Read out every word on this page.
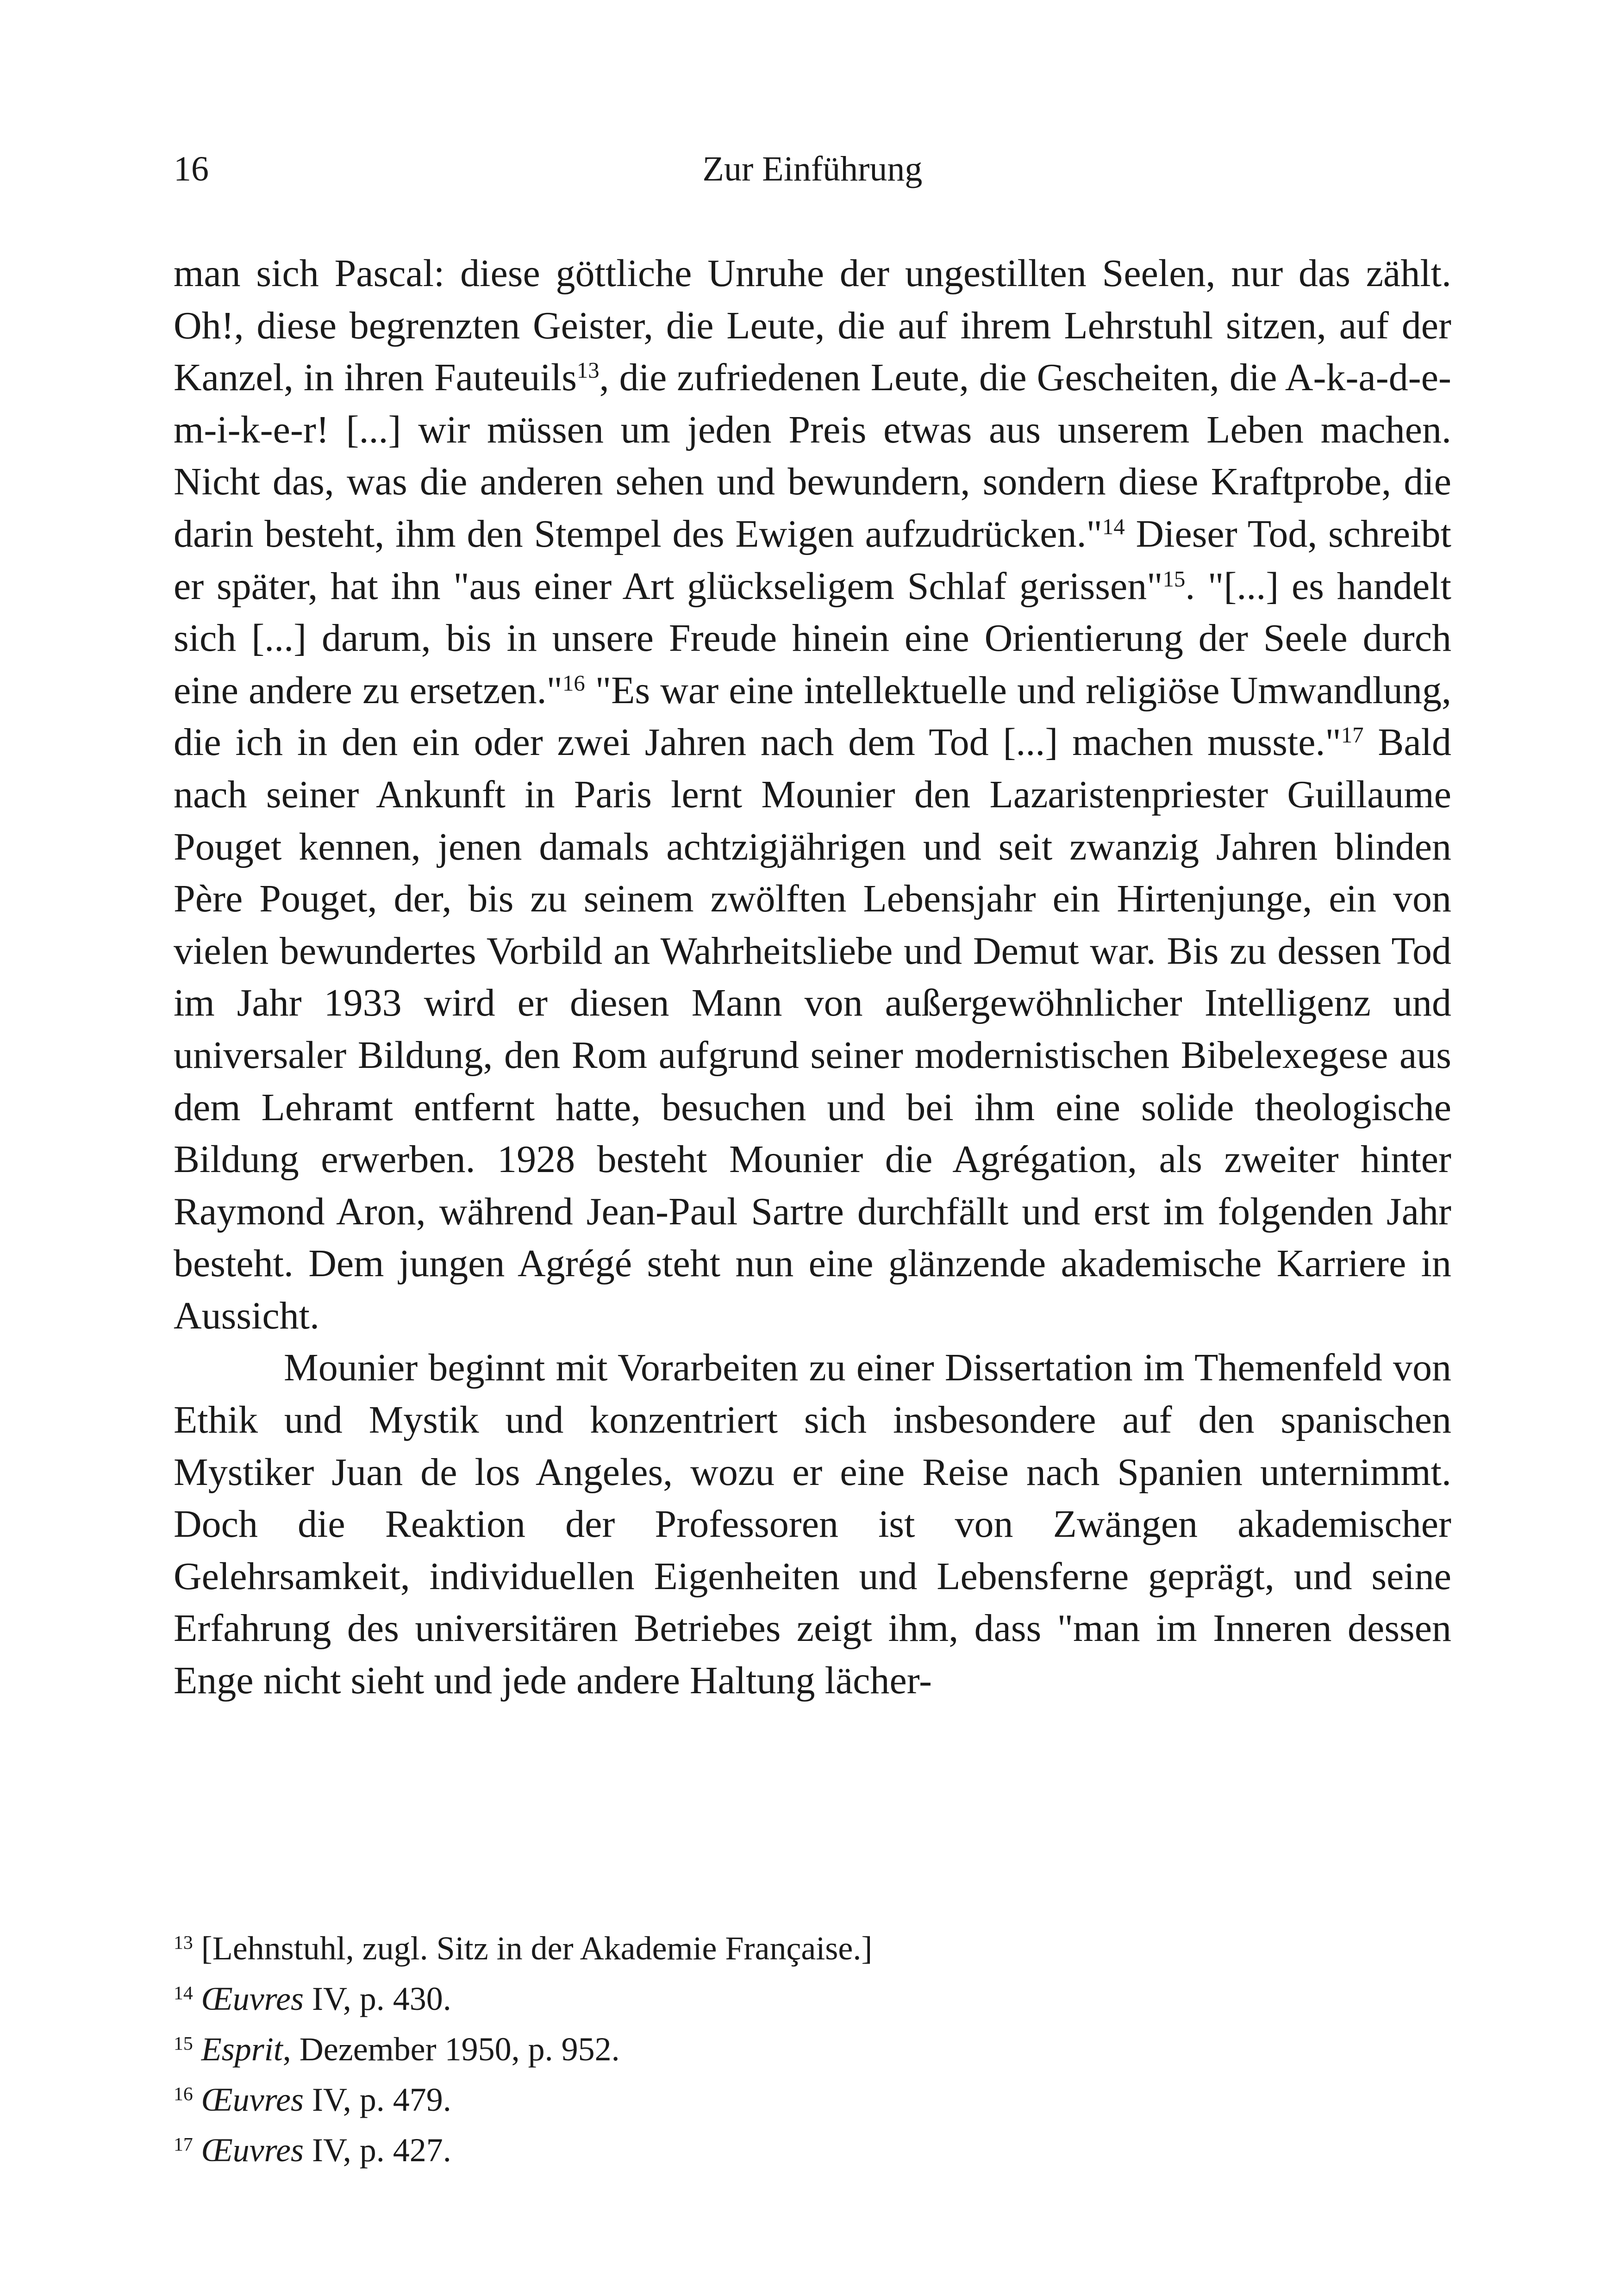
16	Zur Einführung

man sich Pascal: diese göttliche Unruhe der ungestillten Seelen, nur das zählt. Oh!, diese begrenzten Geister, die Leute, die auf ihrem Lehrstuhl sitzen, auf der Kanzel, in ihren Fauteuils$^{13}$, die zufriedenen Leute, die Gescheiten, die A-k-a-d-e-m-i-k-e-r! [...] wir müssen um jeden Preis etwas aus unserem Leben machen. Nicht das, was die anderen sehen und bewundern, sondern diese Kraftprobe, die darin besteht, ihm den Stempel des Ewigen aufzudrücken."$^{14}$ Dieser Tod, schreibt er später, hat ihn "aus einer Art glückseligem Schlaf gerissen"$^{15}$. "[...] es handelt sich [...] darum, bis in unsere Freude hinein eine Orientierung der Seele durch eine andere zu ersetzen."$^{16}$ "Es war eine intellektuelle und religiöse Umwandlung, die ich in den ein oder zwei Jahren nach dem Tod [...] machen musste."$^{17}$ Bald nach seiner Ankunft in Paris lernt Mounier den Lazaristenpriester Guillaume Pouget kennen, jenen damals achtzigjährigen und seit zwanzig Jahren blinden Père Pouget, der, bis zu seinem zwölften Lebensjahr ein Hirtenjunge, ein von vielen bewundertes Vorbild an Wahrheitsliebe und Demut war. Bis zu dessen Tod im Jahr 1933 wird er diesen Mann von außergewöhnlicher Intelligenz und universaler Bildung, den Rom aufgrund seiner modernistischen Bibelexegese aus dem Lehramt entfernt hatte, besuchen und bei ihm eine solide theologische Bildung erwerben. 1928 besteht Mounier die Agrégation, als zweiter hinter Raymond Aron, während Jean-Paul Sartre durchfällt und erst im folgenden Jahr besteht. Dem jungen Agrégé steht nun eine glänzende akademische Karriere in Aussicht.

Mounier beginnt mit Vorarbeiten zu einer Dissertation im Themenfeld von Ethik und Mystik und konzentriert sich insbesondere auf den spanischen Mystiker Juan de los Angeles, wozu er eine Reise nach Spanien unternimmt. Doch die Reaktion der Professoren ist von Zwängen akademischer Gelehrsamkeit, individuellen Eigenheiten und Lebensferne geprägt, und seine Erfahrung des universitären Betriebes zeigt ihm, dass "man im Inneren dessen Enge nicht sieht und jede andere Haltung lächer-

$^{13}$ [Lehnstuhl, zugl. Sitz in der Akademie Française.]

$^{14}$ Œuvres IV, p. 430.

$^{15}$ Esprit, Dezember 1950, p. 952.

$^{16}$ Œuvres IV, p. 479.

$^{17}$ Œuvres IV, p. 427.
